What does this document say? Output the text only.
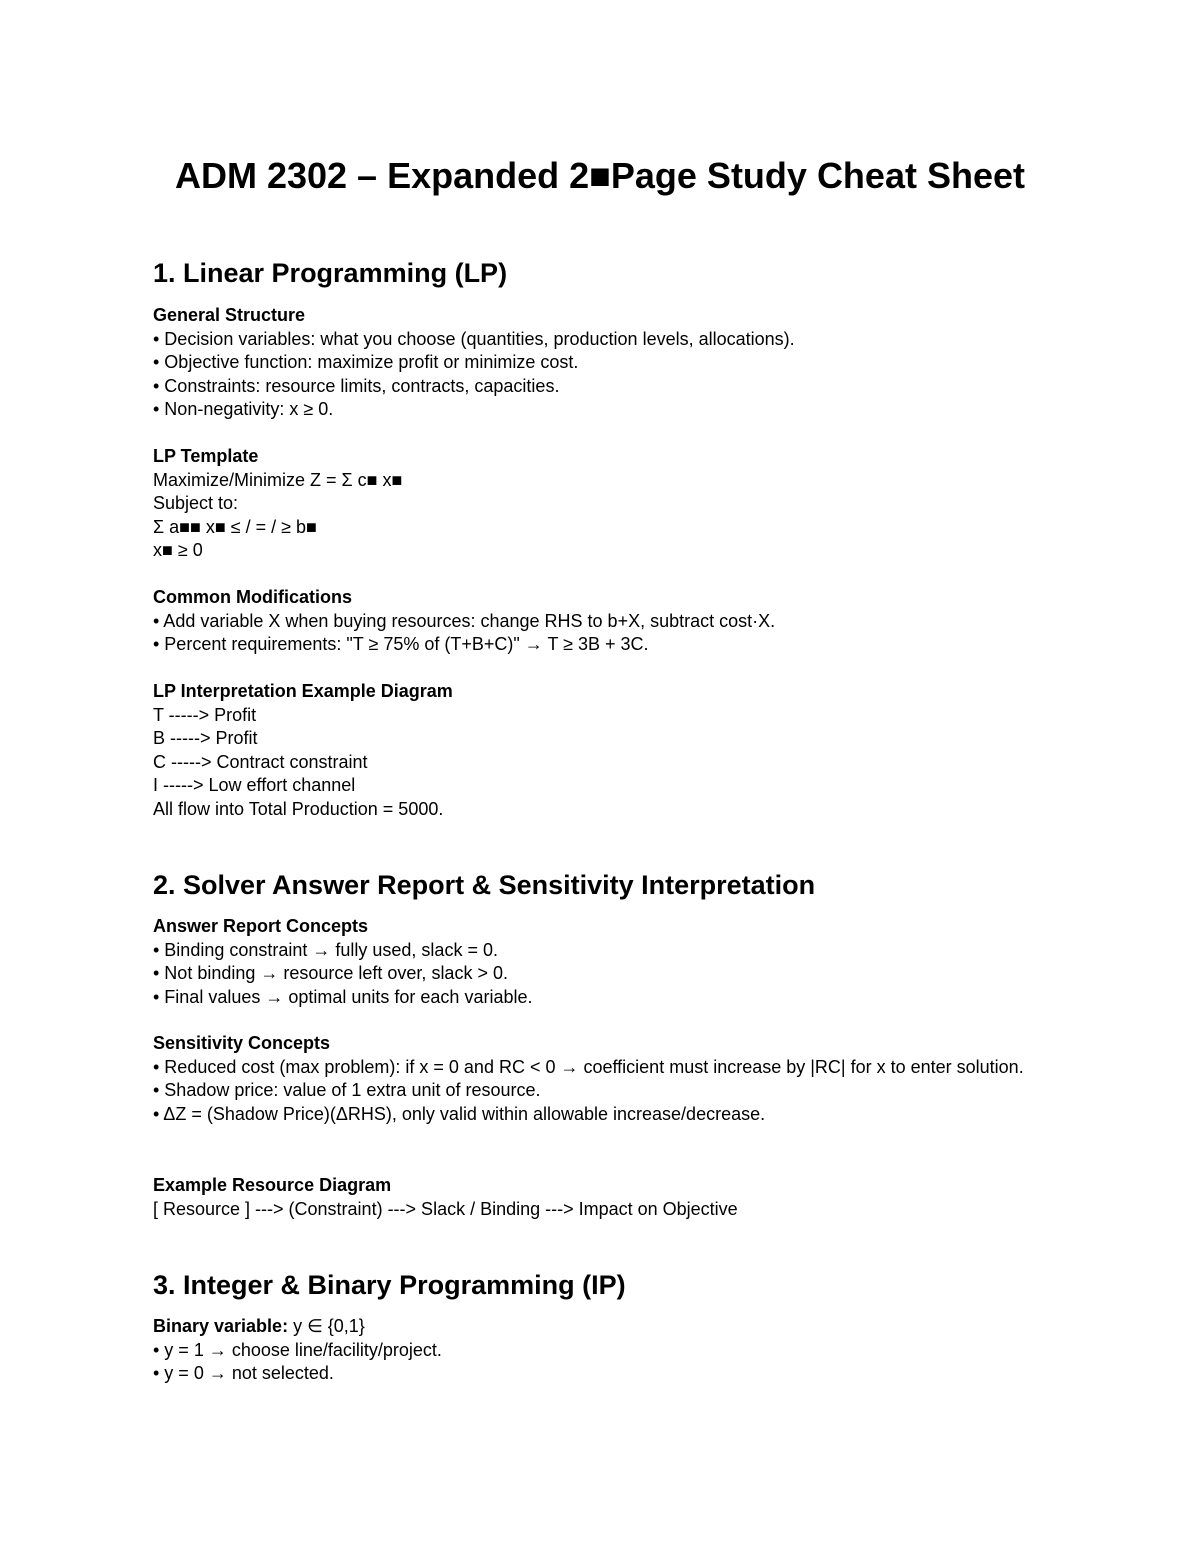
ADM 2302 – Expanded 2■Page Study Cheat Sheet
1. Linear Programming (LP)
General Structure
• Decision variables: what you choose (quantities, production levels, allocations).
• Objective function: maximize profit or minimize cost.
• Constraints: resource limits, contracts, capacities.
• Non-negativity: x ≥ 0.
LP Template
Maximize/Minimize Z = Σ c■ x■
Subject to:
Σ a■■ x■ ≤ / = / ≥ b■
x■ ≥ 0
Common Modifications
• Add variable X when buying resources: change RHS to b+X, subtract cost·X.
• Percent requirements: "T ≥ 75% of (T+B+C)" → T ≥ 3B + 3C.
LP Interpretation Example Diagram
T -----> Profit
B -----> Profit
C -----> Contract constraint
I -----> Low effort channel
All flow into Total Production = 5000.
2. Solver Answer Report & Sensitivity Interpretation
Answer Report Concepts
• Binding constraint → fully used, slack = 0.
• Not binding → resource left over, slack > 0.
• Final values → optimal units for each variable.
Sensitivity Concepts
• Reduced cost (max problem): if x = 0 and RC < 0 → coefficient must increase by |RC| for x to enter solution.
• Shadow price: value of 1 extra unit of resource.
• ΔZ = (Shadow Price)(ΔRHS), only valid within allowable increase/decrease.
Example Resource Diagram
[ Resource ] ---> (Constraint) ---> Slack / Binding ---> Impact on Objective
3. Integer & Binary Programming (IP)
Binary variable: y ∈ {0,1}
• y = 1 → choose line/facility/project.
• y = 0 → not selected.
